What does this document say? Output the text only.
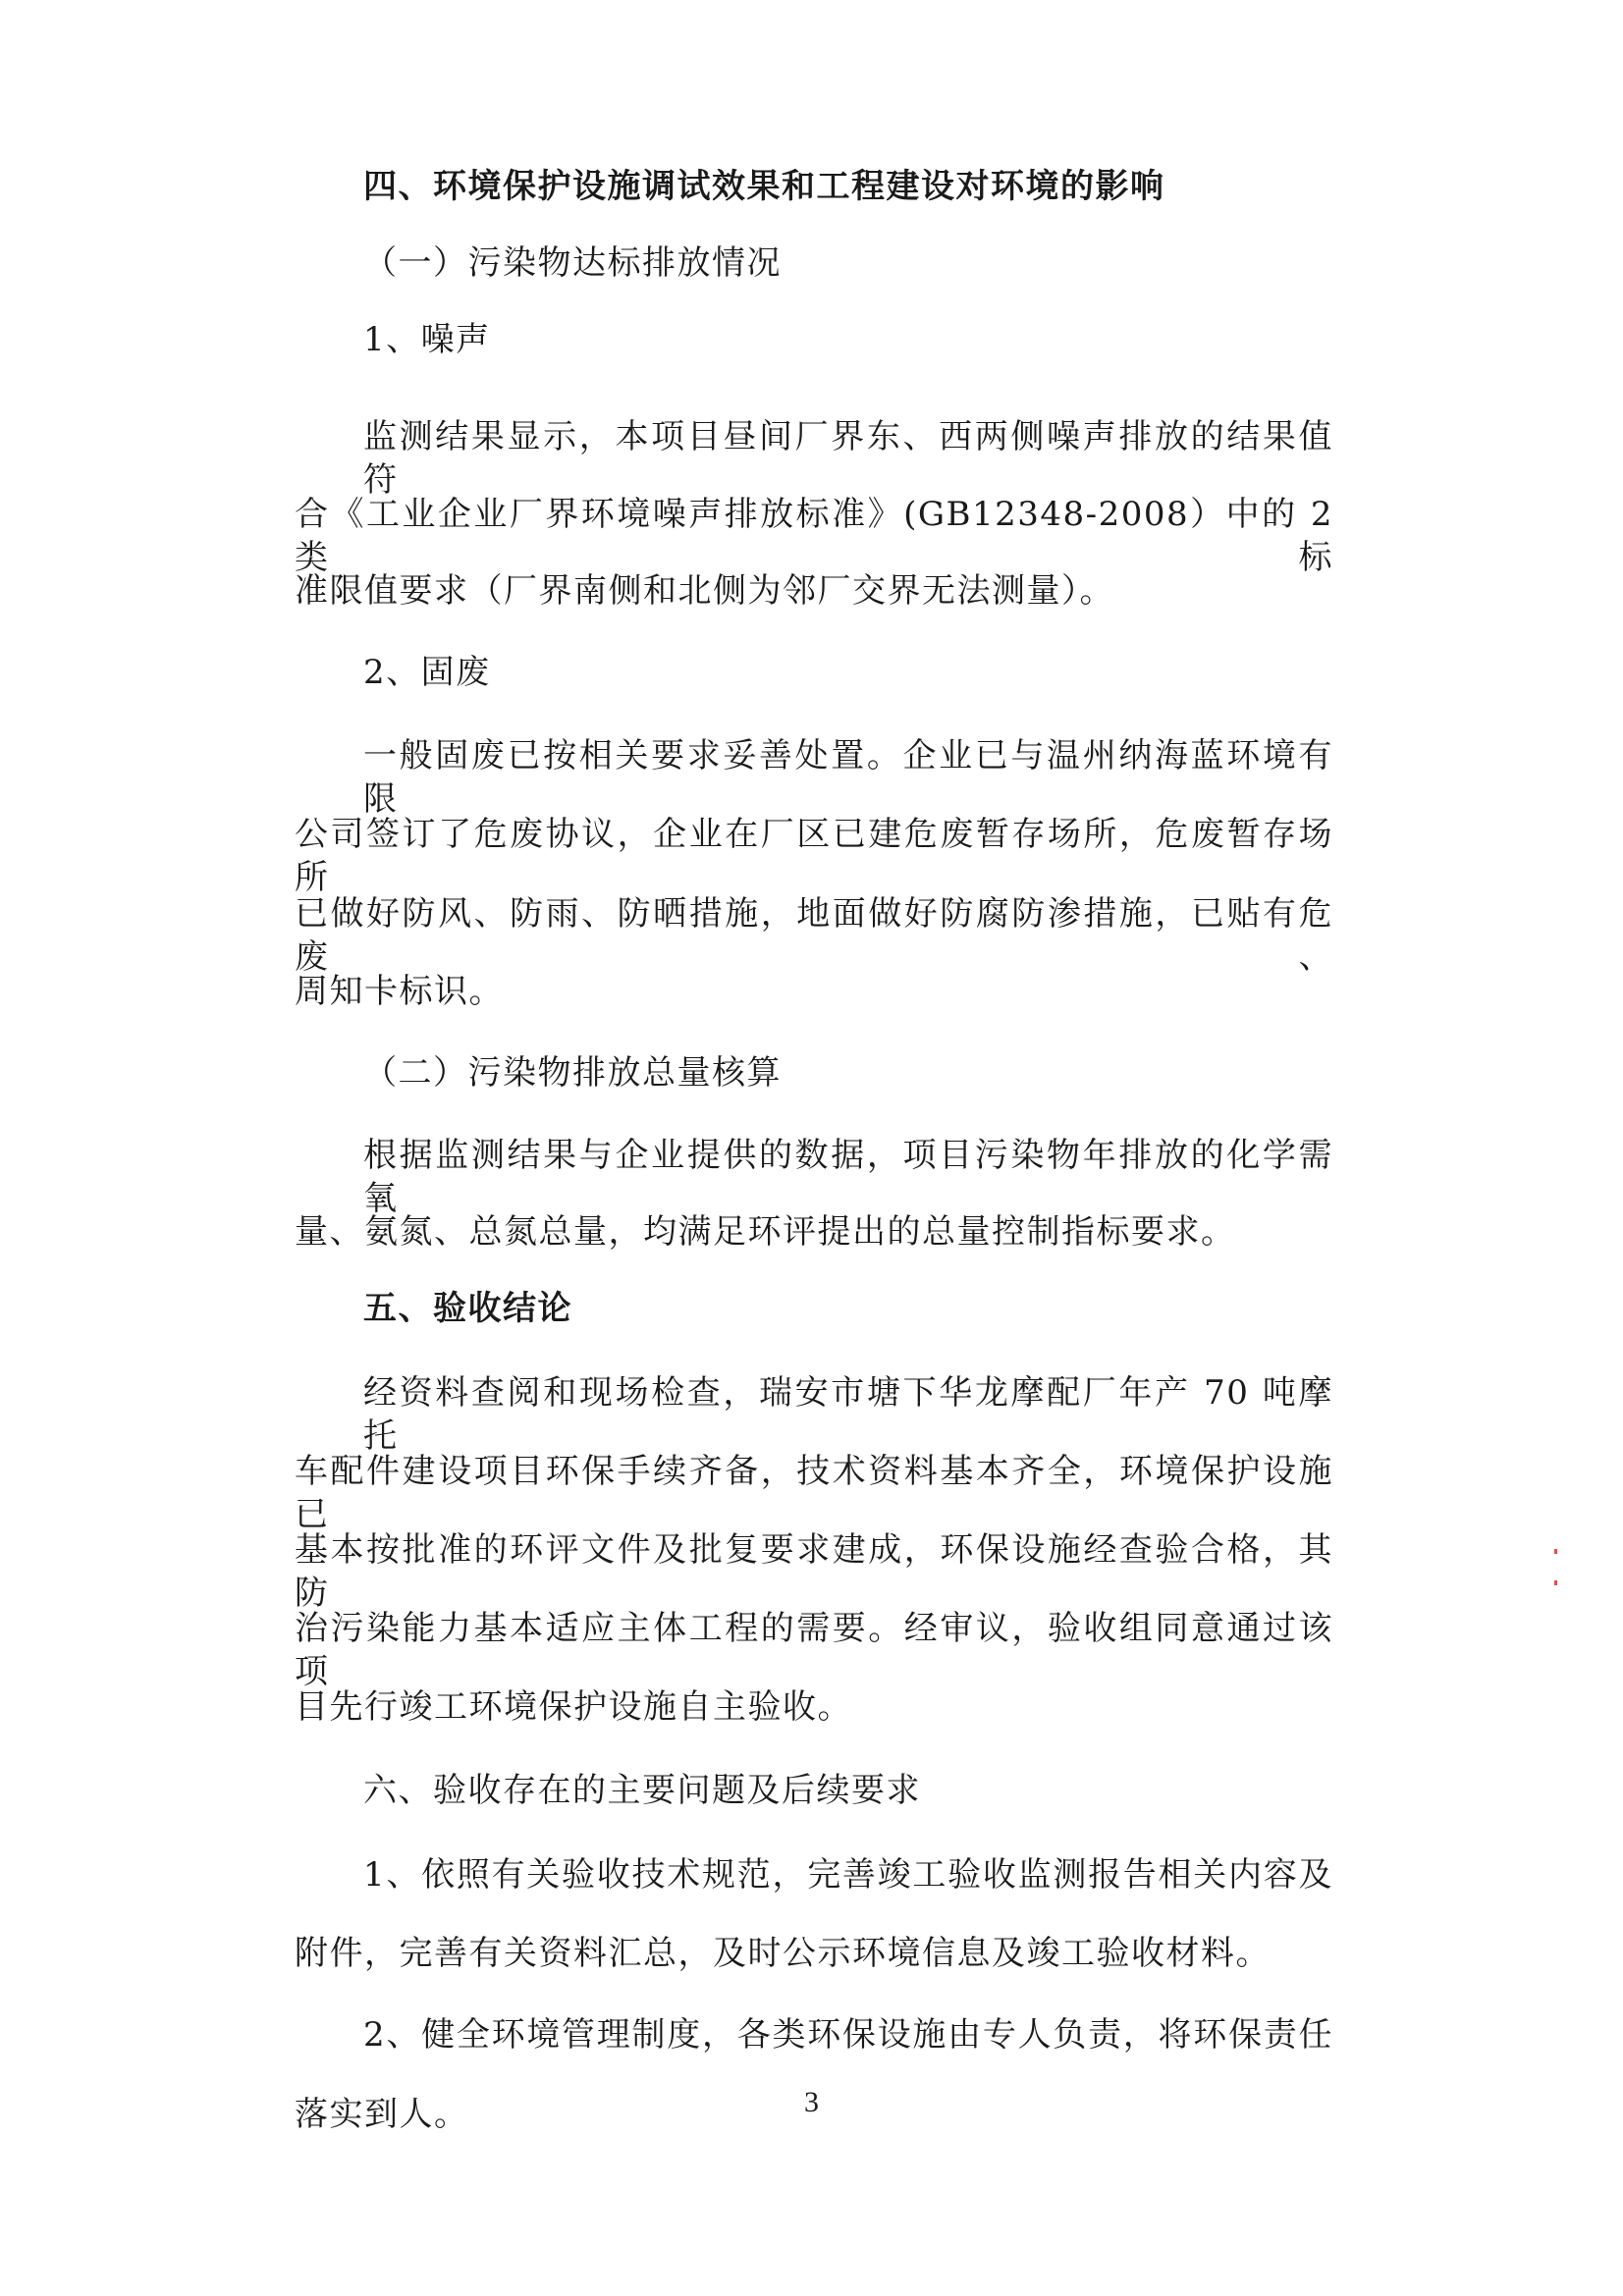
四、环境保护设施调试效果和工程建设对环境的影响

（一）污染物达标排放情况

1、噪声

监测结果显示，本项目昼间厂界东、西两侧噪声排放的结果值符

合《工业企业厂界环境噪声排放标准》(GB12348-2008）中的 2 类标

准限值要求（厂界南侧和北侧为邻厂交界无法测量）。

2、固废

一般固废已按相关要求妥善处置。企业已与温州纳海蓝环境有限

公司签订了危废协议，企业在厂区已建危废暂存场所，危废暂存场所

已做好防风、防雨、防晒措施，地面做好防腐防渗措施，已贴有危废、

周知卡标识。

（二）污染物排放总量核算

根据监测结果与企业提供的数据，项目污染物年排放的化学需氧

量、氨氮、总氮总量，均满足环评提出的总量控制指标要求。

五、验收结论

经资料查阅和现场检查，瑞安市塘下华龙摩配厂年产 70 吨摩托

车配件建设项目环保手续齐备，技术资料基本齐全，环境保护设施已

基本按批准的环评文件及批复要求建成，环保设施经查验合格，其防

治污染能力基本适应主体工程的需要。经审议，验收组同意通过该项

目先行竣工环境保护设施自主验收。

六、验收存在的主要问题及后续要求

1、依照有关验收技术规范，完善竣工验收监测报告相关内容及

附件，完善有关资料汇总，及时公示环境信息及竣工验收材料。

2、健全环境管理制度，各类环保设施由专人负责，将环保责任

落实到人。	3
